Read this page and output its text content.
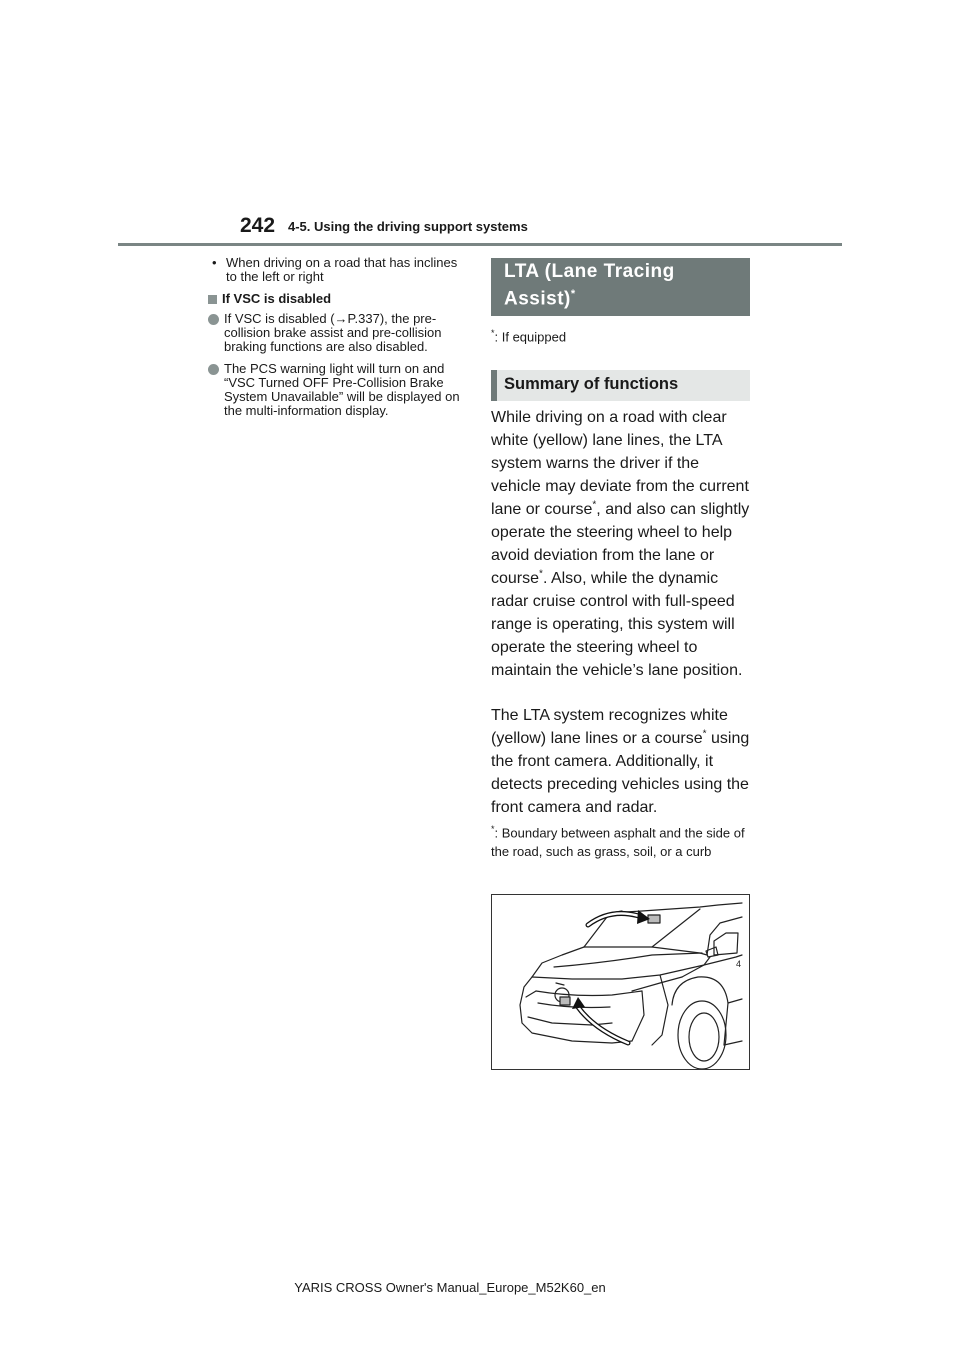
242 4-5. Using the driving support systems
• When driving on a road that has inclines to the left or right
If VSC is disabled
If VSC is disabled (→P.337), the pre-collision brake assist and pre-collision braking functions are also disabled.
The PCS warning light will turn on and “VSC Turned OFF Pre-Collision Brake System Unavailable” will be displayed on the multi-information display.
LTA (Lane Tracing
Assist)*
*: If equipped
Summary of functions
While driving on a road with clear white (yellow) lane lines, the LTA system warns the driver if the vehicle may deviate from the current lane or course*, and also can slightly operate the steering wheel to help avoid deviation from the lane or course*. Also, while the dynamic radar cruise control with full-speed range is operating, this system will operate the steering wheel to maintain the vehicle’s lane position.
The LTA system recognizes white (yellow) lane lines or a course* using the front camera. Additionally, it detects preceding vehicles using the front camera and radar.
*: Boundary between asphalt and the side of the road, such as grass, soil, or a curb
4
YARIS CROSS Owner's Manual_Europe_M52K60_en
